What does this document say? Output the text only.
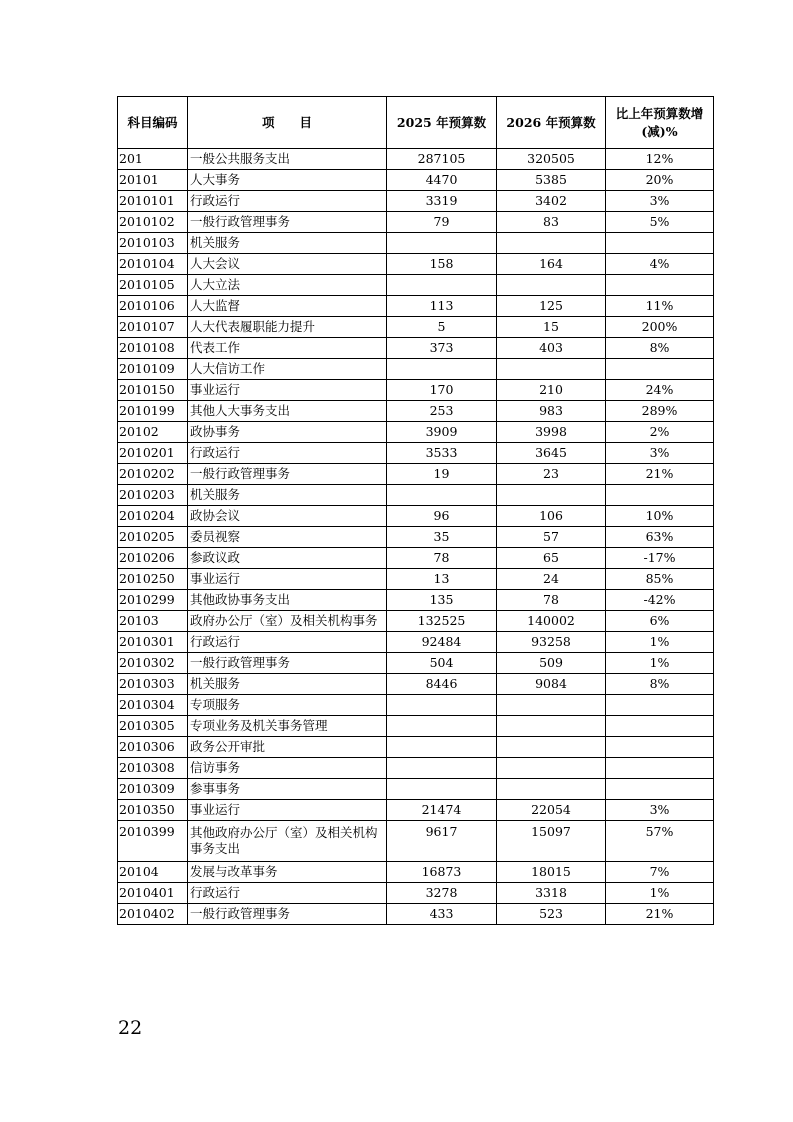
科目编码	项　　目	2025 年预算数	2026 年预算数	比上年预算数增(减)%
201	一般公共服务支出	287105	320505	12%
20101	人大事务	4470	5385	20%
2010101	行政运行	3319	3402	3%
2010102	一般行政管理事务	79	83	5%
2010103	机关服务			
2010104	人大会议	158	164	4%
2010105	人大立法			
2010106	人大监督	113	125	11%
2010107	人大代表履职能力提升	5	15	200%
2010108	代表工作	373	403	8%
2010109	人大信访工作			
2010150	事业运行	170	210	24%
2010199	其他人大事务支出	253	983	289%
20102	政协事务	3909	3998	2%
2010201	行政运行	3533	3645	3%
2010202	一般行政管理事务	19	23	21%
2010203	机关服务			
2010204	政协会议	96	106	10%
2010205	委员视察	35	57	63%
2010206	参政议政	78	65	-17%
2010250	事业运行	13	24	85%
2010299	其他政协事务支出	135	78	-42%
20103	政府办公厅（室）及相关机构事务	132525	140002	6%
2010301	行政运行	92484	93258	1%
2010302	一般行政管理事务	504	509	1%
2010303	机关服务	8446	9084	8%
2010304	专项服务			
2010305	专项业务及机关事务管理			
2010306	政务公开审批			
2010308	信访事务			
2010309	参事事务			
2010350	事业运行	21474	22054	3%
2010399	其他政府办公厅（室）及相关机构事务支出	9617	15097	57%
20104	发展与改革事务	16873	18015	7%
2010401	行政运行	3278	3318	1%
2010402	一般行政管理事务	433	523	21%
22
